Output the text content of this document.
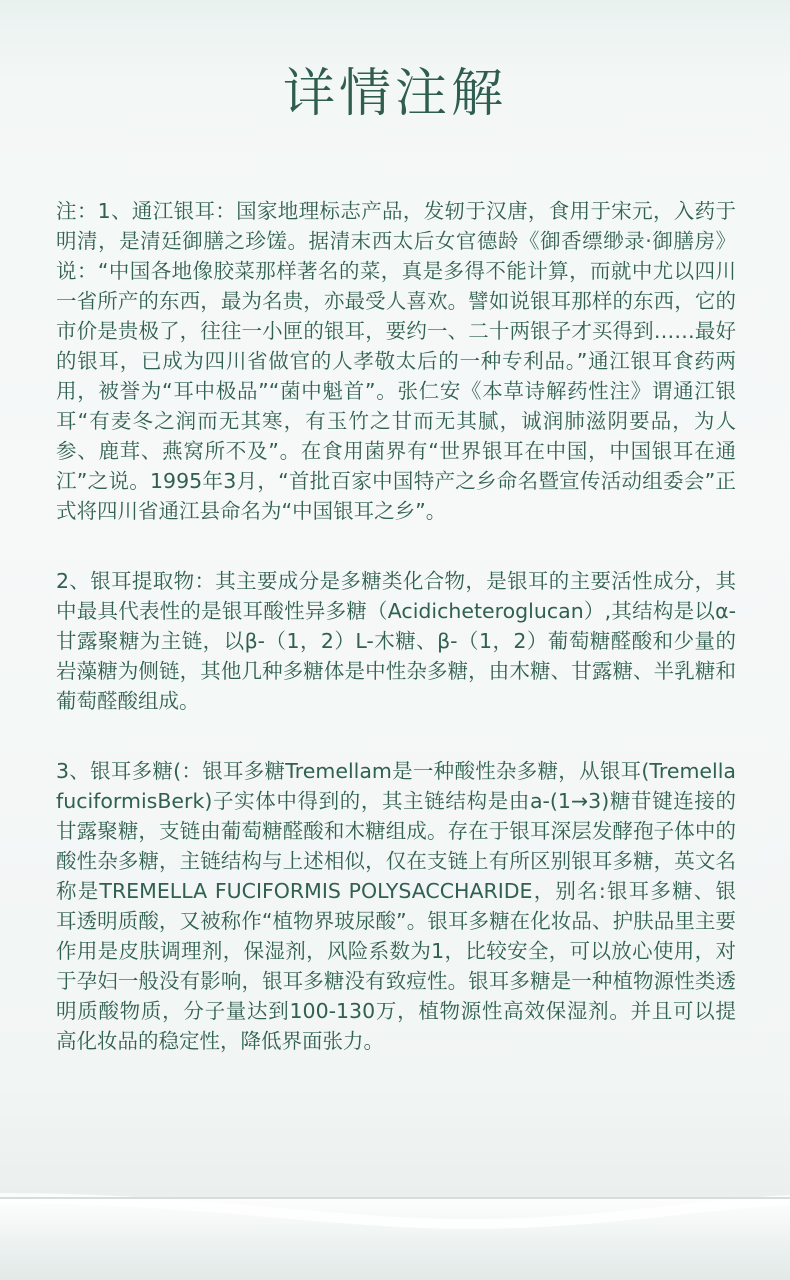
详情注解

注：1、通江银耳：国家地理标志产品，发轫于汉唐，食用于宋元，入药于明清，是清廷御膳之珍馐。据清末西太后女官德龄《御香缥缈录·御膳房》说：“中国各地像胶菜那样著名的菜，真是多得不能计算，而就中尤以四川一省所产的东西，最为名贵，亦最受人喜欢。譬如说银耳那样的东西，它的市价是贵极了，往往一小匣的银耳，要约一、二十两银子才买得到……最好的银耳，已成为四川省做官的人孝敬太后的一种专利品。”通江银耳食药两用，被誉为“耳中极品”“菌中魁首”。张仁安《本草诗解药性注》谓通江银耳“有麦冬之润而无其寒，有玉竹之甘而无其腻，诚润肺滋阴要品，为人参、鹿茸、燕窝所不及”。在食用菌界有“世界银耳在中国，中国银耳在通江”之说。1995年3月，“首批百家中国特产之乡命名暨宣传活动组委会”正式将四川省通江县命名为“中国银耳之乡”。

2、银耳提取物：其主要成分是多糖类化合物，是银耳的主要活性成分，其中最具代表性的是银耳酸性异多糖（Acidicheteroglucan）,其结构是以α-甘露聚糖为主链，以β-（1，2）L-木糖、β-（1，2）葡萄糖醛酸和少量的岩藻糖为侧链，其他几种多糖体是中性杂多糖，由木糖、甘露糖、半乳糖和葡萄醛酸组成。

3、银耳多糖(：银耳多糖Tremellam是一种酸性杂多糖，从银耳(Tremella fuciformisBerk)子实体中得到的，其主链结构是由a-(1→3)糖苷键连接的甘露聚糖，支链由葡萄糖醛酸和木糖组成。存在于银耳深层发酵孢子体中的酸性杂多糖，主链结构与上述相似，仅在支链上有所区别银耳多糖，英文名称是TREMELLA FUCIFORMIS POLYSACCHARIDE，别名:银耳多糖、银耳透明质酸，又被称作“植物界玻尿酸”。银耳多糖在化妆品、护肤品里主要作用是皮肤调理剂，保湿剂，风险系数为1，比较安全，可以放心使用，对于孕妇一般没有影响，银耳多糖没有致痘性。银耳多糖是一种植物源性类透明质酸物质，分子量达到100-130万，植物源性高效保湿剂。并且可以提高化妆品的稳定性，降低界面张力。
